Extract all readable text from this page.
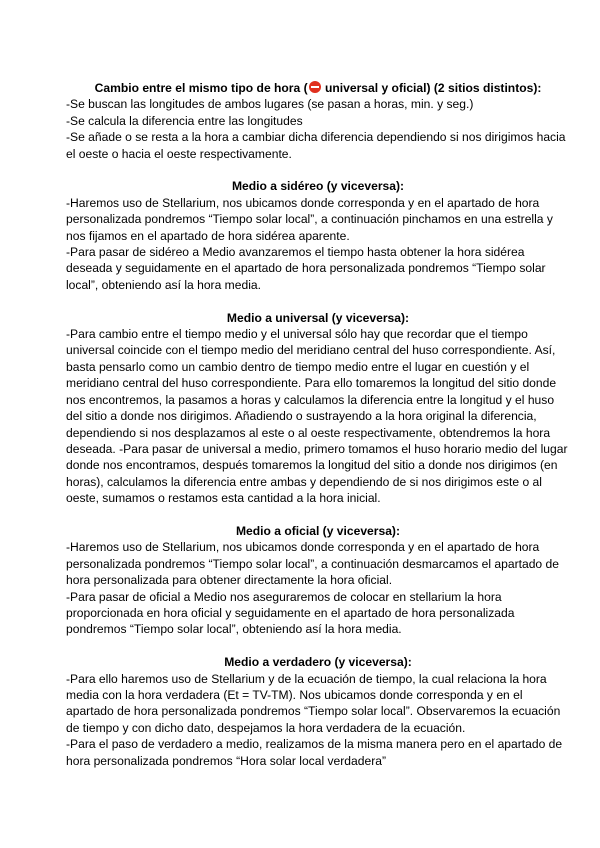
Cambio entre el mismo tipo de hora ( universal y oficial) (2 sitios distintos):

-Se buscan las longitudes de ambos lugares (se pasan a horas, min. y seg.)

-Se calcula la diferencia entre las longitudes

-Se añade o se resta a la hora a cambiar dicha diferencia dependiendo si nos dirigimos hacia el oeste o hacia el oeste respectivamente.

Medio a sidéreo (y viceversa):

-Haremos uso de Stellarium, nos ubicamos donde corresponda y en el apartado de hora personalizada pondremos “Tiempo solar local”, a continuación pinchamos en una estrella y nos fijamos en el apartado de hora sidérea aparente.

-Para pasar de sidéreo a Medio avanzaremos el tiempo hasta obtener la hora sidérea deseada y seguidamente en el apartado de hora personalizada pondremos “Tiempo solar local”, obteniendo así la hora media.

Medio a universal (y viceversa):

-Para cambio entre el tiempo medio y el universal sólo hay que recordar que el tiempo universal coincide con el tiempo medio del meridiano central del huso correspondiente. Así, basta pensarlo como un cambio dentro de tiempo medio entre el lugar en cuestión y el meridiano central del huso correspondiente. Para ello tomaremos la longitud del sitio donde nos encontremos, la pasamos a horas y calculamos la diferencia entre la longitud y el huso del sitio a donde nos dirigimos. Añadiendo o sustrayendo a la hora original la diferencia, dependiendo si nos desplazamos al este o al oeste respectivamente, obtendremos la hora deseada. -Para pasar de universal a medio, primero tomamos el huso horario medio del lugar donde nos encontramos, después tomaremos la longitud del sitio a donde nos dirigimos (en horas), calculamos la diferencia entre ambas y dependiendo de si nos dirigimos este o al oeste, sumamos o restamos esta cantidad a la hora inicial.

Medio a oficial (y viceversa):

-Haremos uso de Stellarium, nos ubicamos donde corresponda y en el apartado de hora personalizada pondremos “Tiempo solar local”, a continuación desmarcamos el apartado de hora personalizada para obtener directamente la hora oficial.

-Para pasar de oficial a Medio nos aseguraremos de colocar en stellarium la hora proporcionada en hora oficial y seguidamente en el apartado de hora personalizada pondremos “Tiempo solar local”, obteniendo así la hora media.

Medio a verdadero (y viceversa):

-Para ello haremos uso de Stellarium y de la ecuación de tiempo, la cual relaciona la hora media con la hora verdadera (Et = TV-TM). Nos ubicamos donde corresponda y en el apartado de hora personalizada pondremos “Tiempo solar local”. Observaremos la ecuación de tiempo y con dicho dato, despejamos la hora verdadera de la ecuación.

-Para el paso de verdadero a medio, realizamos de la misma manera pero en el apartado de hora personalizada pondremos “Hora solar local verdadera”
